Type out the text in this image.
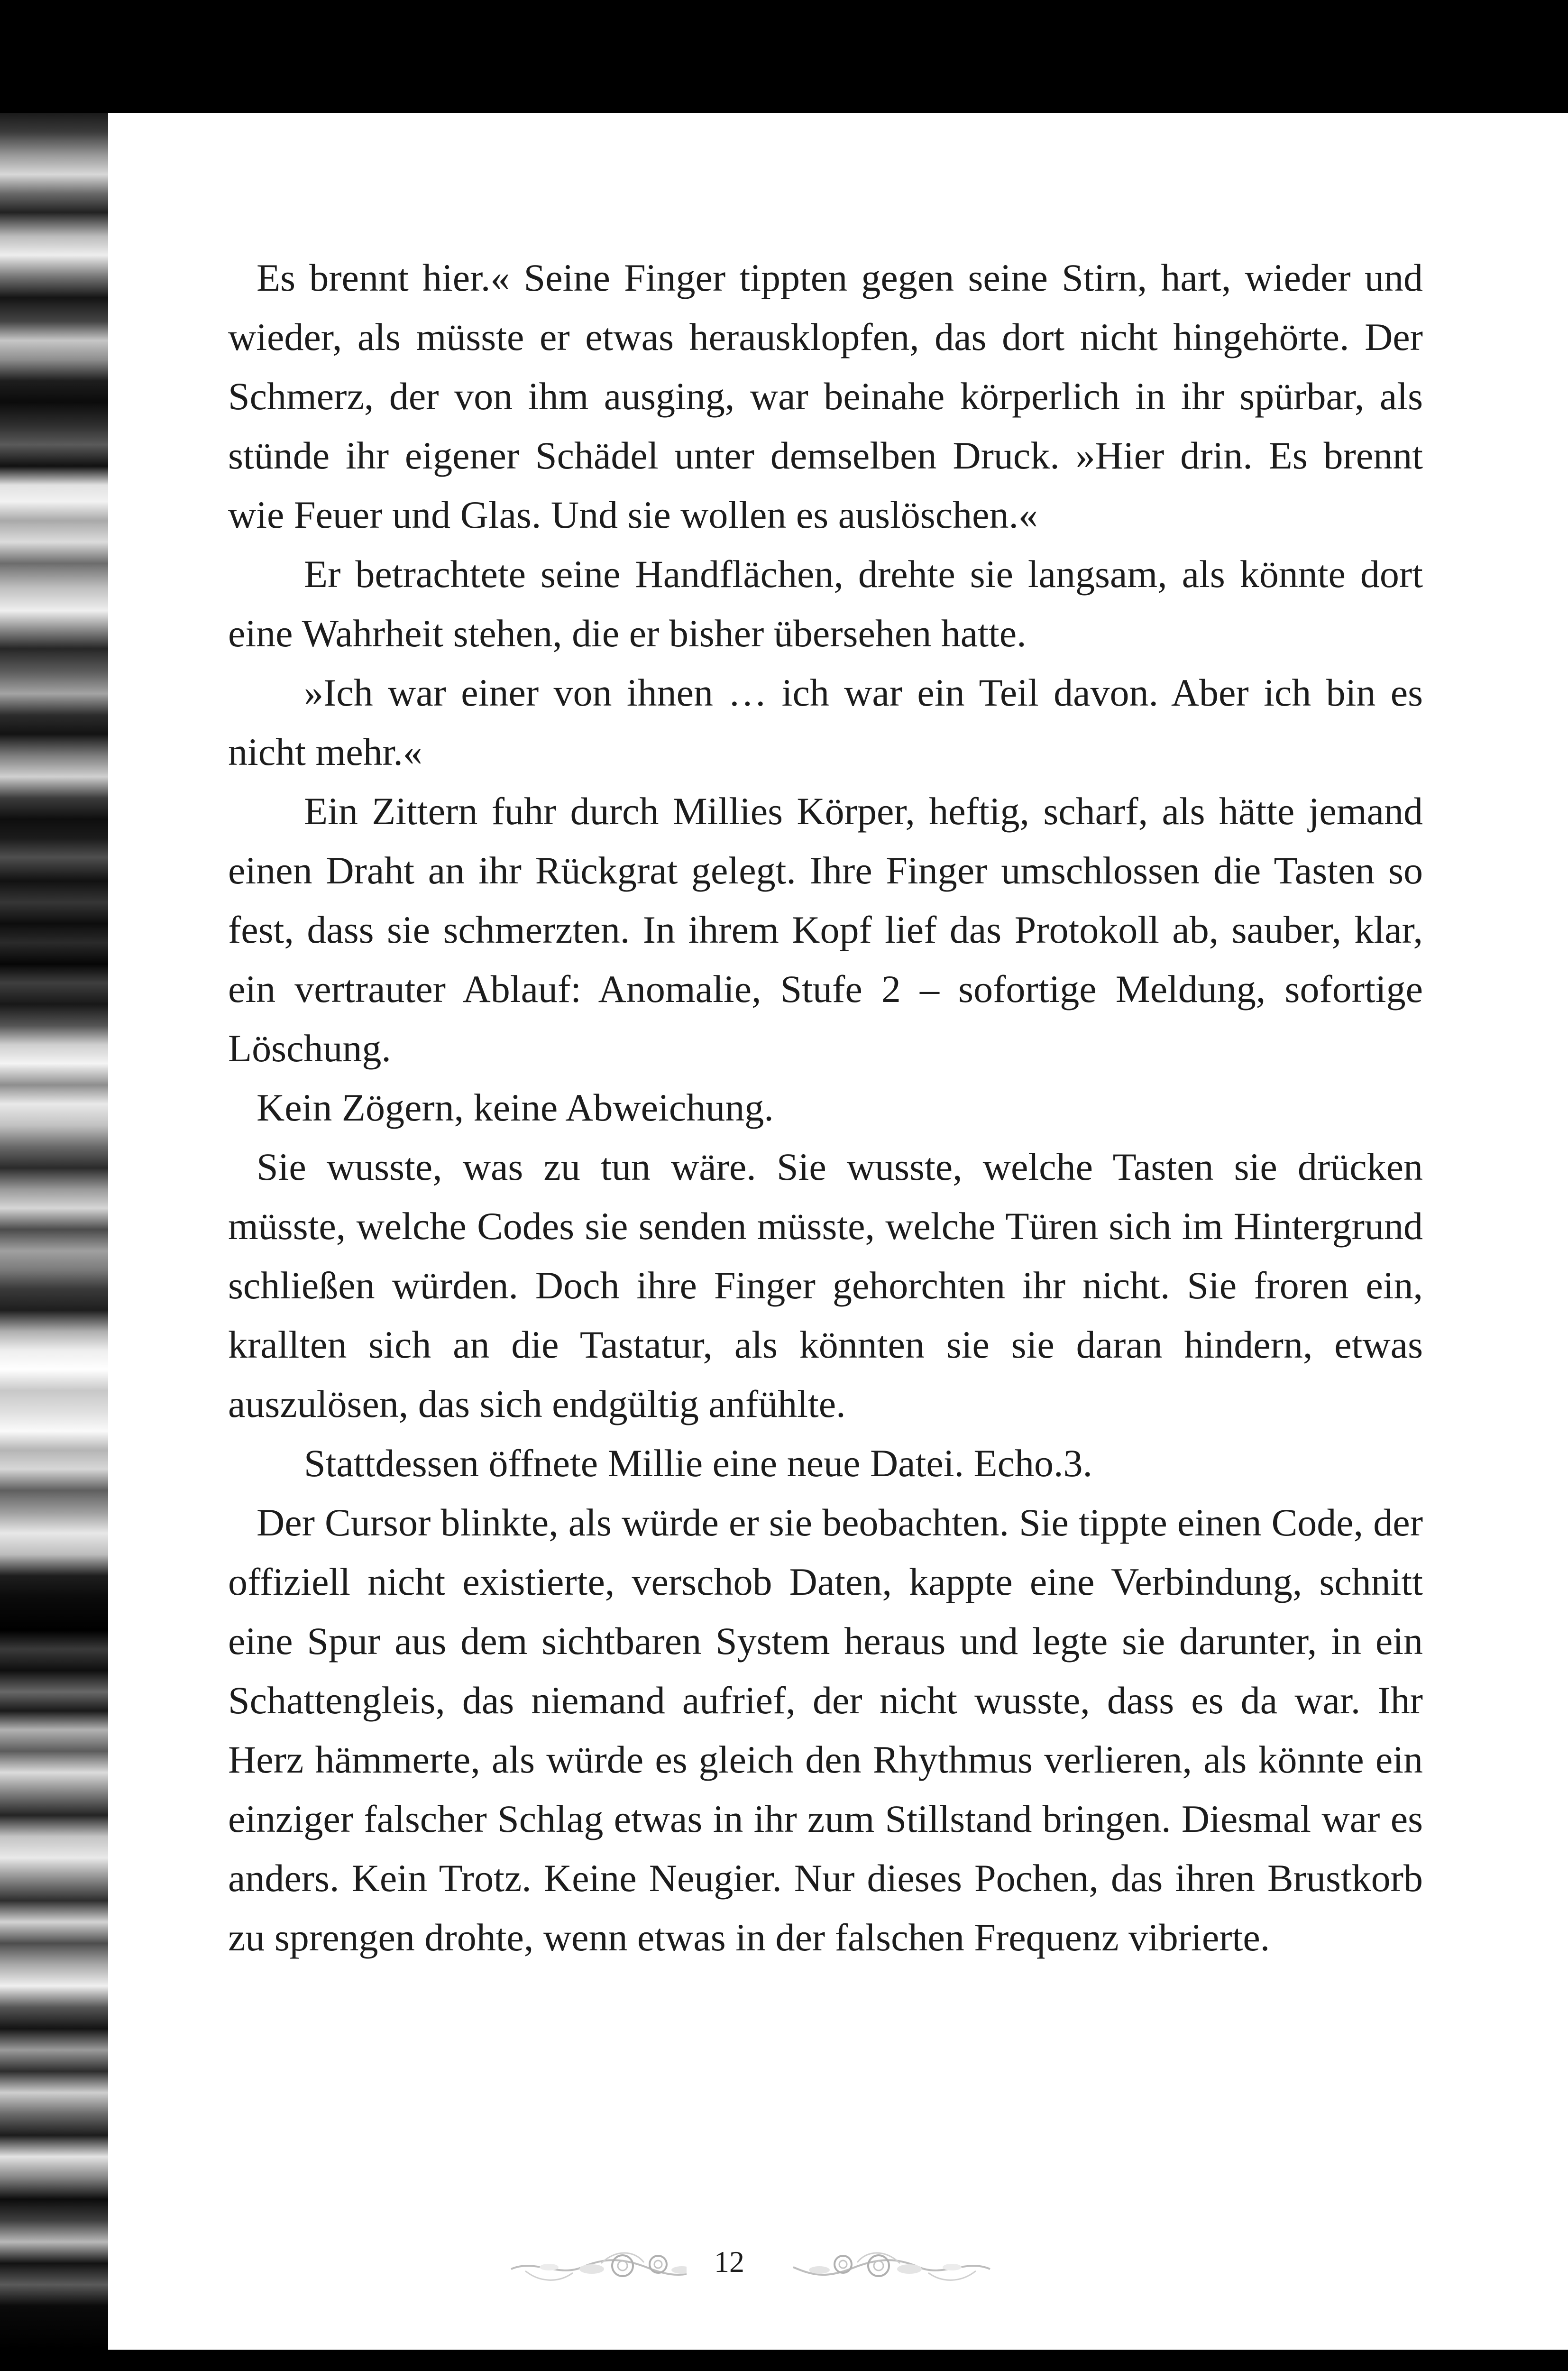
Es brennt hier.« Seine Finger tippten gegen seine Stirn, hart, wieder und wieder, als müsste er etwas herausklopfen, das dort nicht hingehörte. Der Schmerz, der von ihm ausging, war beinahe körperlich in ihr spürbar, als stünde ihr eigener Schädel unter demselben Druck. »Hier drin. Es brennt wie Feuer und Glas. Und sie wollen es auslöschen.«

Er betrachtete seine Handflächen, drehte sie langsam, als könnte dort eine Wahrheit stehen, die er bisher übersehen hatte.

»Ich war einer von ihnen … ich war ein Teil davon. Aber ich bin es nicht mehr.«

Ein Zittern fuhr durch Millies Körper, heftig, scharf, als hätte jemand einen Draht an ihr Rückgrat gelegt. Ihre Finger umschlossen die Tasten so fest, dass sie schmerzten. In ihrem Kopf lief das Protokoll ab, sauber, klar, ein vertrauter Ablauf: Anomalie, Stufe 2 – sofortige Meldung, sofortige Löschung.

Kein Zögern, keine Abweichung.

Sie wusste, was zu tun wäre. Sie wusste, welche Tasten sie drücken müsste, welche Codes sie senden müsste, welche Türen sich im Hintergrund schließen würden. Doch ihre Finger gehorchten ihr nicht. Sie froren ein, krallten sich an die Tastatur, als könnten sie sie daran hindern, etwas auszulösen, das sich endgültig anfühlte.

Stattdessen öffnete Millie eine neue Datei. Echo.3.

Der Cursor blinkte, als würde er sie beobachten. Sie tippte einen Code, der offiziell nicht existierte, verschob Daten, kappte eine Verbindung, schnitt eine Spur aus dem sichtbaren System heraus und legte sie darunter, in ein Schattengleis, das niemand aufrief, der nicht wusste, dass es da war. Ihr Herz hämmerte, als würde es gleich den Rhythmus verlieren, als könnte ein einziger falscher Schlag etwas in ihr zum Stillstand bringen. Diesmal war es anders. Kein Trotz. Keine Neugier. Nur dieses Pochen, das ihren Brustkorb zu sprengen drohte, wenn etwas in der falschen Frequenz vibrierte.

12
